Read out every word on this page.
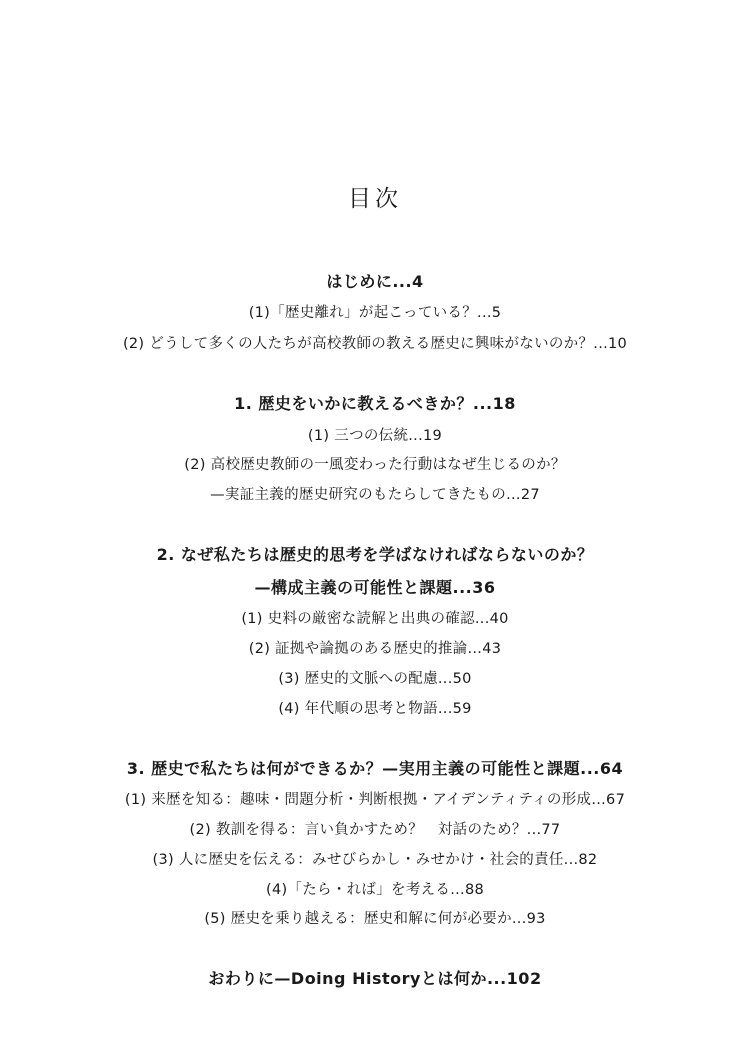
目次
はじめに...4
(1)「歴史離れ」が起こっている？...5
(2) どうして多くの人たちが高校教師の教える歴史に興味がないのか？...10
1. 歴史をいかに教えるべきか？...18
(1) 三つの伝統...19
(2) 高校歴史教師の一風変わった行動はなぜ生じるのか？
—実証主義的歴史研究のもたらしてきたもの...27
2. なぜ私たちは歴史的思考を学ばなければならないのか？
—構成主義の可能性と課題...36
(1) 史料の厳密な読解と出典の確認...40
(2) 証拠や論拠のある歴史的推論...43
(3) 歴史的文脈への配慮...50
(4) 年代順の思考と物語...59
3. 歴史で私たちは何ができるか？—実用主義の可能性と課題...64
(1) 来歴を知る：趣味・問題分析・判断根拠・アイデンティティの形成...67
(2) 教訓を得る：言い負かすため？　対話のため？...77
(3) 人に歴史を伝える：みせびらかし・みせかけ・社会的責任...82
(4)「たら・れば」を考える...88
(5) 歴史を乗り越える：歴史和解に何が必要か...93
おわりに—Doing Historyとは何か...102
